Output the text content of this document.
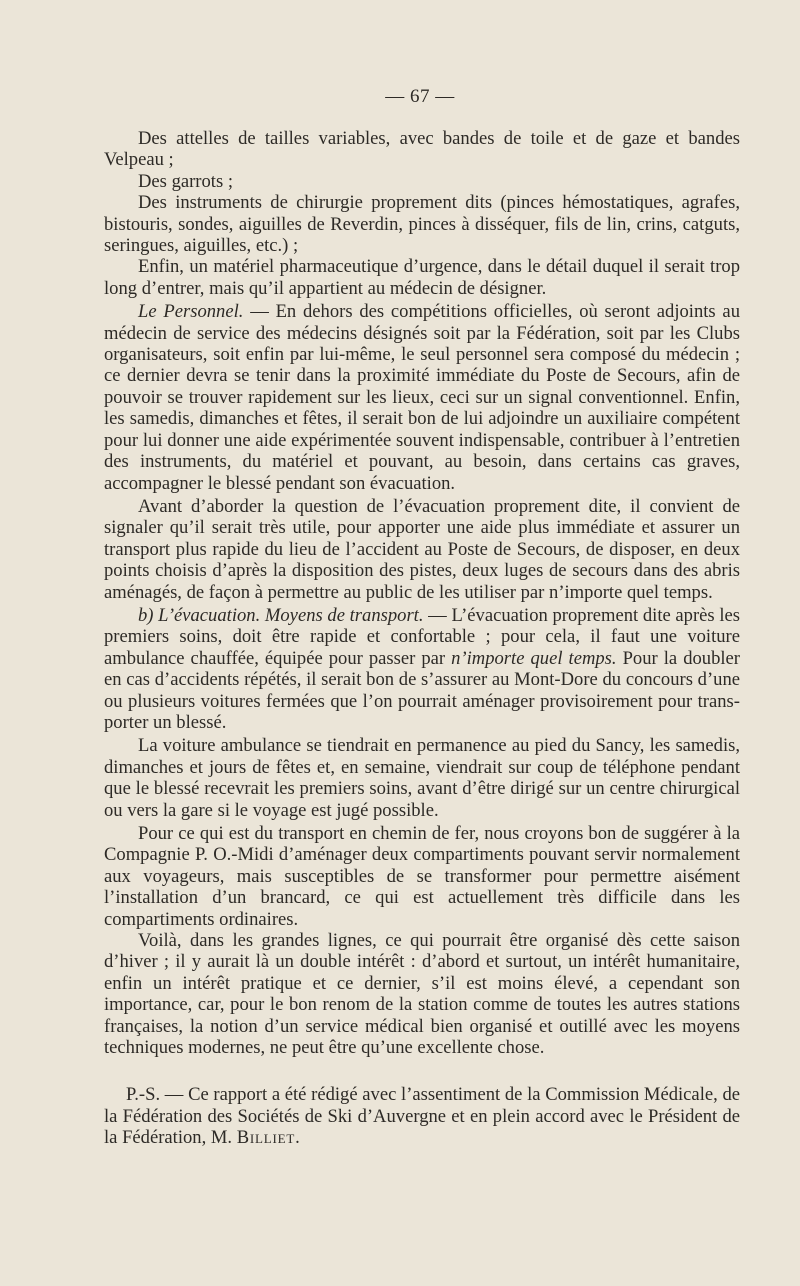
— 67 —

Des attelles de tailles variables, avec bandes de toile et de gaze et bandes Velpeau ;

Des garrots ;

Des instruments de chirurgie proprement dits (pinces hémostatiques, agrafes, bistouris, sondes, aiguilles de Reverdin, pinces à disséquer, fils de lin, crins, catguts, seringues, aiguilles, etc.) ;

Enfin, un matériel pharmaceutique d’urgence, dans le détail duquel il serait trop long d’entrer, mais qu’il appartient au médecin de désigner.

Le Personnel. — En dehors des compétitions officielles, où seront adjoints au médecin de service des médecins désignés soit par la Fédération, soit par les Clubs organisateurs, soit enfin par lui-même, le seul personnel sera composé du médecin ; ce dernier devra se tenir dans la proximité immédiate du Poste de Secours, afin de pouvoir se trouver rapidement sur les lieux, ceci sur un signal conventionnel. Enfin, les samedis, dimanches et fêtes, il serait bon de lui adjoindre un auxiliaire compétent pour lui donner une aide expérimentée souvent indispensable, contribuer à l’entretien des instruments, du matériel et pouvant, au besoin, dans certains cas graves, accompagner le blessé pendant son évacuation.

Avant d’aborder la question de l’évacuation proprement dite, il convient de signaler qu’il serait très utile, pour apporter une aide plus immédiate et assurer un transport plus rapide du lieu de l’accident au Poste de Secours, de disposer, en deux points choisis d’après la disposition des pistes, deux luges de secours dans des abris aménagés, de façon à permettre au public de les utiliser par n’importe quel temps.

b) L’évacuation. Moyens de transport. — L’évacuation proprement dite après les premiers soins, doit être rapide et confortable ; pour cela, il faut une voiture ambulance chauffée, équipée pour passer par n’importe quel temps. Pour la doubler en cas d’accidents répétés, il serait bon de s’assurer au Mont-Dore du concours d’une ou plusieurs voitures fermées que l’on pourrait aménager provisoirement pour transporter un blessé.

La voiture ambulance se tiendrait en permanence au pied du Sancy, les samedis, dimanches et jours de fêtes et, en semaine, viendrait sur coup de téléphone pendant que le blessé recevrait les premiers soins, avant d’être dirigé sur un centre chirurgical ou vers la gare si le voyage est jugé possible.

Pour ce qui est du transport en chemin de fer, nous croyons bon de suggérer à la Compagnie P. O.-Midi d’aménager deux compartiments pouvant servir normalement aux voyageurs, mais susceptibles de se transformer pour permettre aisément l’installation d’un brancard, ce qui est actuellement très difficile dans les compartiments ordinaires.

Voilà, dans les grandes lignes, ce qui pourrait être organisé dès cette saison d’hiver ; il y aurait là un double intérêt : d’abord et surtout, un intérêt humanitaire, enfin un intérêt pratique et ce dernier, s’il est moins élevé, a cependant son importance, car, pour le bon renom de la station comme de toutes les autres stations françaises, la notion d’un service médical bien organisé et outillé avec les moyens techniques modernes, ne peut être qu’une excellente chose.

P.-S. — Ce rapport a été rédigé avec l’assentiment de la Commission Médicale, de la Fédération des Sociétés de Ski d’Auvergne et en plein accord avec le Président de la Fédération, M. Billiet.
